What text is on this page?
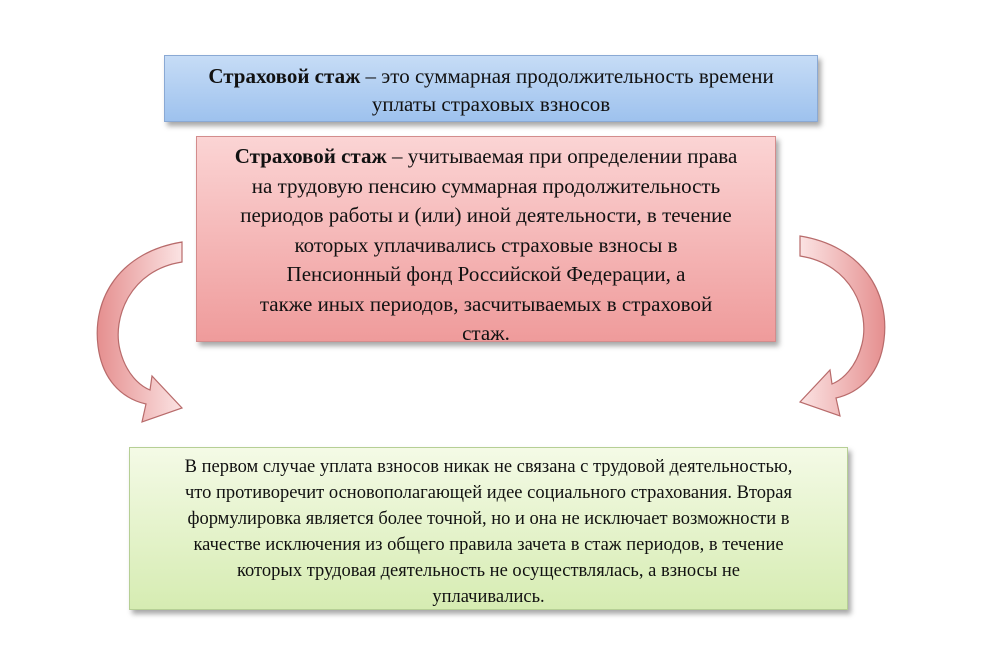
Страховой стаж – это суммарная продолжительность времени
уплаты страховых взносов
Страховой стаж – учитываемая при определении права
на трудовую пенсию суммарная продолжительность
периодов работы и (или) иной деятельности, в течение
которых уплачивались страховые взносы в
Пенсионный фонд Российской Федерации, а
также иных периодов, засчитываемых в страховой
стаж.
В первом случае уплата взносов никак не связана с трудовой деятельностью,
что противоречит основополагающей идее социального страхования. Вторая
формулировка является более точной, но и она не исключает возможности в
качестве исключения из общего правила зачета в стаж периодов, в течение
которых трудовая деятельность не осуществлялась, а взносы не
уплачивались.
